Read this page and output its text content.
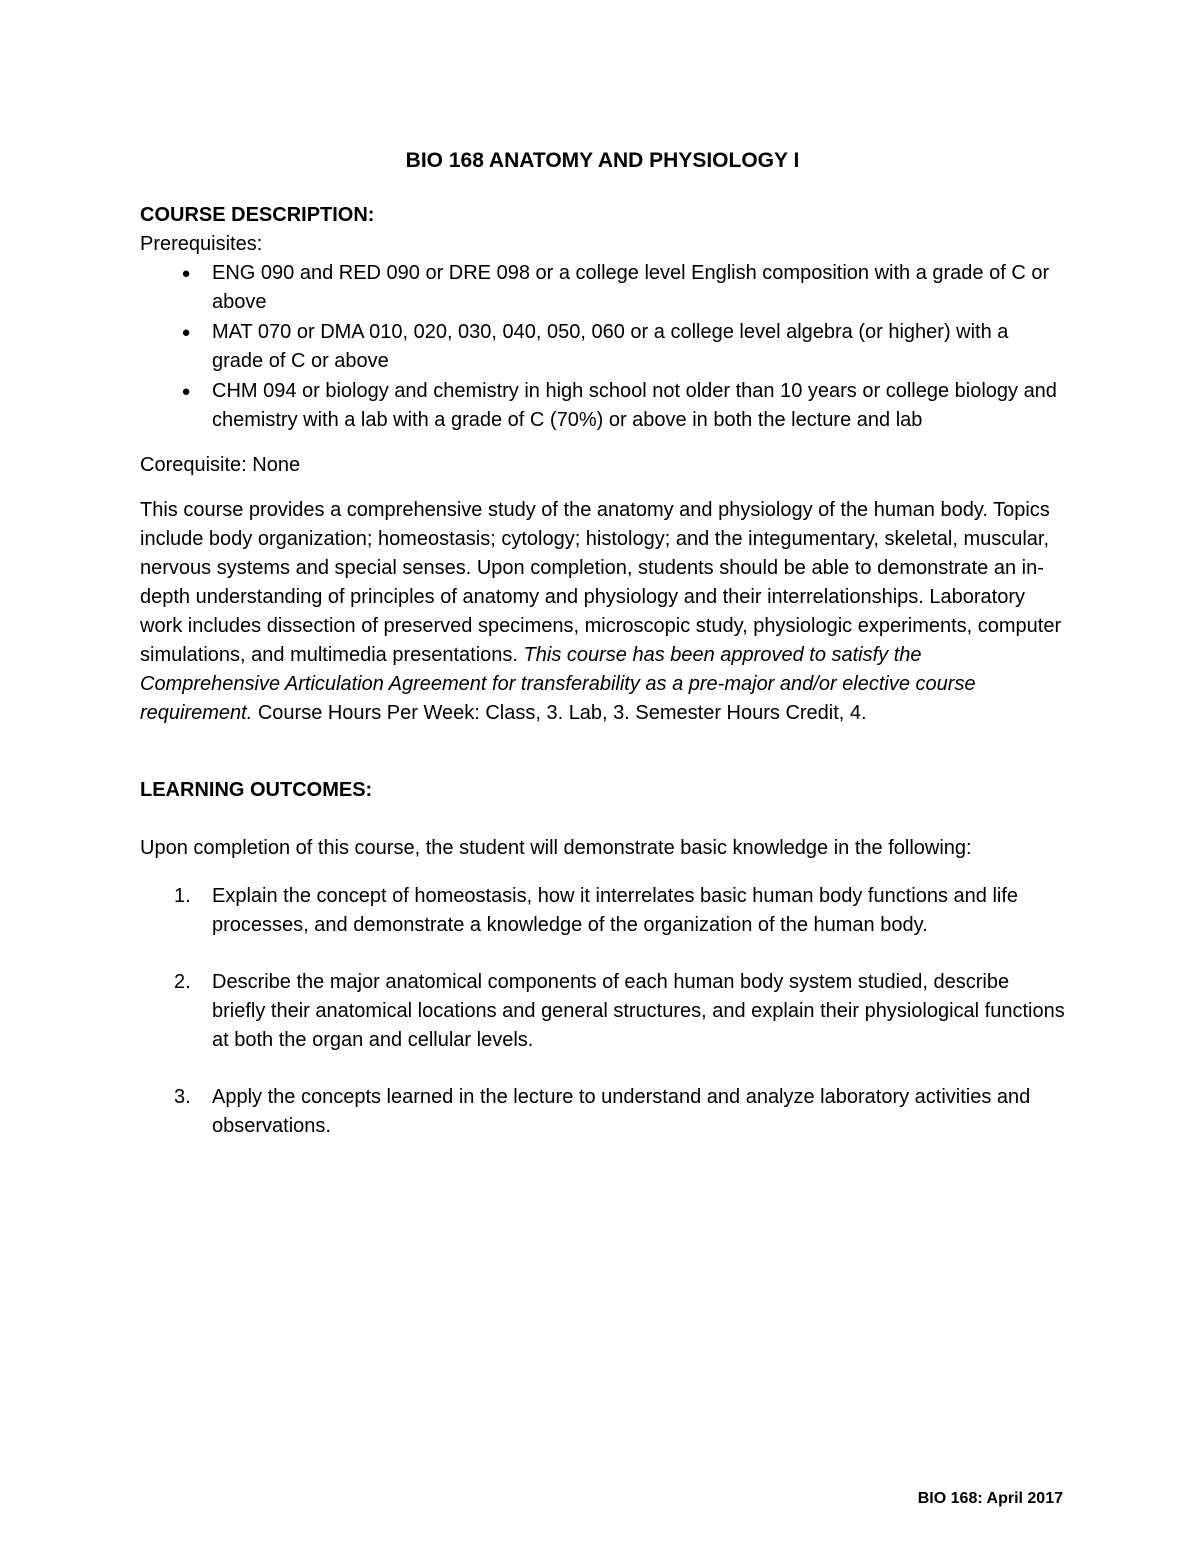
BIO 168 ANATOMY AND PHYSIOLOGY I
COURSE DESCRIPTION:
Prerequisites:
● ENG 090 and RED 090 or DRE 098 or a college level English composition with a grade of C or above
● MAT 070 or DMA 010, 020, 030, 040, 050, 060 or a college level algebra (or higher) with a grade of C or above
● CHM 094 or biology and chemistry in high school not older than 10 years or college biology and chemistry with a lab with a grade of C (70%) or above in both the lecture and lab
Corequisite: None
This course provides a comprehensive study of the anatomy and physiology of the human body. Topics include body organization; homeostasis; cytology; histology; and the integumentary, skeletal, muscular, nervous systems and special senses. Upon completion, students should be able to demonstrate an in-depth understanding of principles of anatomy and physiology and their interrelationships. Laboratory work includes dissection of preserved specimens, microscopic study, physiologic experiments, computer simulations, and multimedia presentations. This course has been approved to satisfy the Comprehensive Articulation Agreement for transferability as a pre-major and/or elective course requirement. Course Hours Per Week: Class, 3. Lab, 3. Semester Hours Credit, 4.
LEARNING OUTCOMES:
Upon completion of this course, the student will demonstrate basic knowledge in the following:
1. Explain the concept of homeostasis, how it interrelates basic human body functions and life processes, and demonstrate a knowledge of the organization of the human body.
2. Describe the major anatomical components of each human body system studied, describe briefly their anatomical locations and general structures, and explain their physiological functions at both the organ and cellular levels.
3. Apply the concepts learned in the lecture to understand and analyze laboratory activities and observations.
BIO 168: April 2017
